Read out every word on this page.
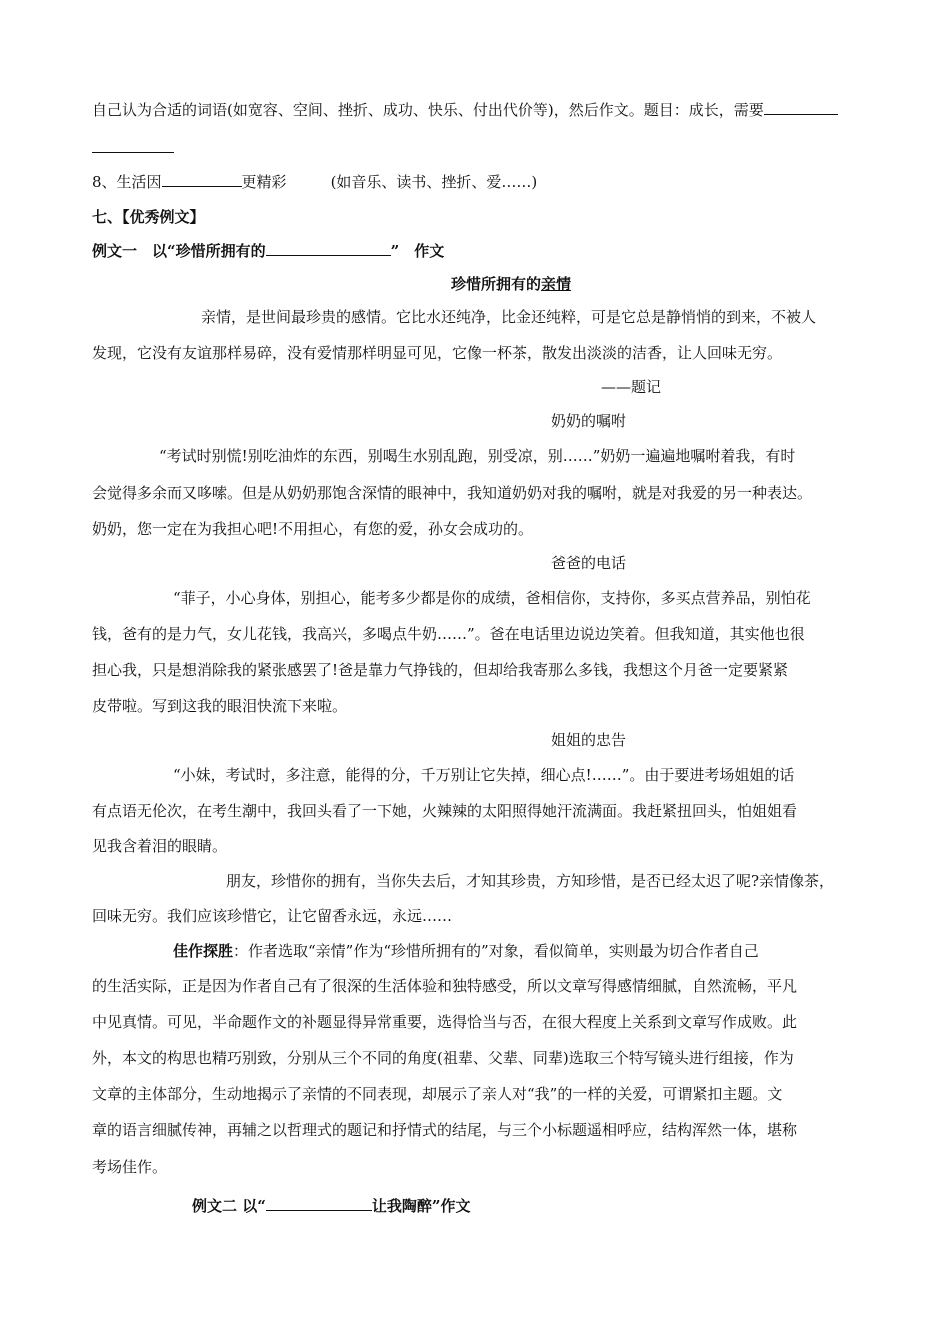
自己认为合适的词语(如宽容、空间、挫折、成功、快乐、付出代价等)，然后作文。题目：成长，需要
8、生活因	更精彩	(如音乐、读书、挫折、爱……)
七、【优秀例文】
例文一　以“珍惜所拥有的	”　作文
珍惜所拥有的亲情
亲情，是世间最珍贵的感情。它比水还纯净，比金还纯粹，可是它总是静悄悄的到来，不被人
发现，它没有友谊那样易碎，没有爱情那样明显可见，它像一杯茶，散发出淡淡的洁香，让人回味无穷。
——题记
奶奶的嘱咐
“考试时别慌!别吃油炸的东西，别喝生水别乱跑，别受凉，别……”奶奶一遍遍地嘱咐着我，有时
会觉得多余而又哆嗦。但是从奶奶那饱含深情的眼神中，我知道奶奶对我的嘱咐，就是对我爱的另一种表达。
奶奶，您一定在为我担心吧!不用担心，有您的爱，孙女会成功的。
爸爸的电话
“菲子，小心身体，别担心，能考多少都是你的成绩，爸相信你，支持你，多买点营养品，别怕花
钱，爸有的是力气，女儿花钱，我高兴，多喝点牛奶……”。爸在电话里边说边笑着。但我知道，其实他也很
担心我，只是想消除我的紧张感罢了!爸是靠力气挣钱的，但却给我寄那么多钱，我想这个月爸一定要紧紧
皮带啦。写到这我的眼泪快流下来啦。
姐姐的忠告
“小妹，考试时，多注意，能得的分，千万别让它失掉，细心点!……”。由于要进考场姐姐的话
有点语无伦次，在考生潮中，我回头看了一下她，火辣辣的太阳照得她汗流满面。我赶紧扭回头，怕姐姐看
见我含着泪的眼睛。
朋友，珍惜你的拥有，当你失去后，才知其珍贵，方知珍惜，是否已经太迟了呢?亲情像茶，
回味无穷。我们应该珍惜它，让它留香永远，永远……
佳作探胜：作者选取“亲情”作为“珍惜所拥有的”对象，看似简单，实则最为切合作者自己
的生活实际，正是因为作者自己有了很深的生活体验和独特感受，所以文章写得感情细腻，自然流畅，平凡
中见真情。可见，半命题作文的补题显得异常重要，选得恰当与否，在很大程度上关系到文章写作成败。此
外，本文的构思也精巧别致，分别从三个不同的角度(祖辈、父辈、同辈)选取三个特写镜头进行组接，作为
文章的主体部分，生动地揭示了亲情的不同表现，却展示了亲人对“我”的一样的关爱，可谓紧扣主题。文
章的语言细腻传神，再辅之以哲理式的题记和抒情式的结尾，与三个小标题遥相呼应，结构浑然一体，堪称
考场佳作。
例文二 以“	让我陶醉”作文
